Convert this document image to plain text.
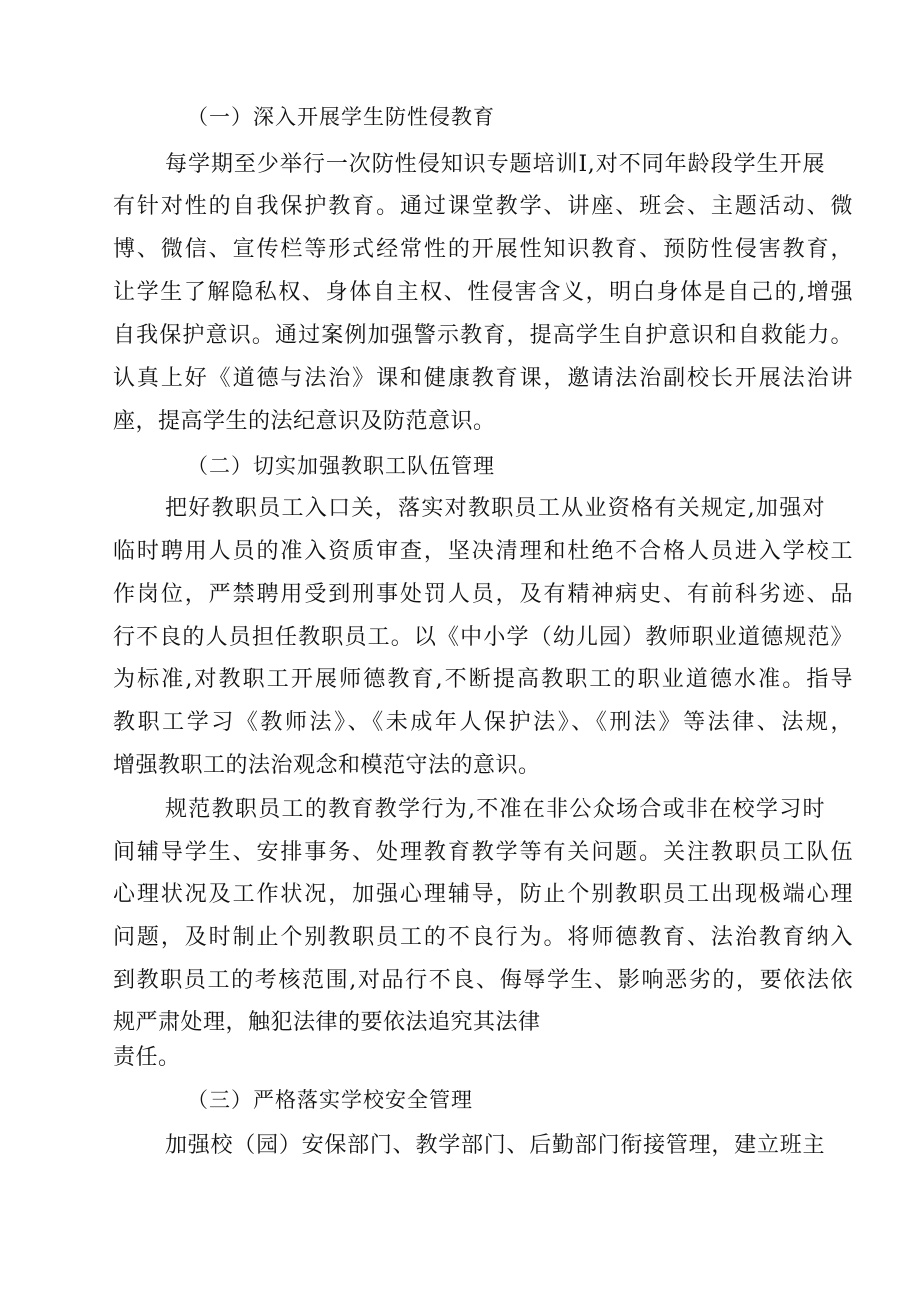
（一）深入开展学生防性侵教育
每学期至少举行一次防性侵知识专题培训I,对不同年龄段学生开展
有针对性的自我保护教育。通过课堂教学、讲座、班会、主题活动、微
博、微信、宣传栏等形式经常性的开展性知识教育、预防性侵害教育，
让学生了解隐私权、身体自主权、性侵害含义，明白身体是自己的,增强
自我保护意识。通过案例加强警示教育，提高学生自护意识和自救能力。
认真上好《道德与法治》课和健康教育课，邀请法治副校长开展法治讲
座，提高学生的法纪意识及防范意识。
（二）切实加强教职工队伍管理
把好教职员工入口关，落实对教职员工从业资格有关规定,加强对
临时聘用人员的准入资质审查，坚决清理和杜绝不合格人员进入学校工
作岗位，严禁聘用受到刑事处罚人员，及有精神病史、有前科劣迹、品
行不良的人员担任教职员工。以《中小学（幼儿园）教师职业道德规范》
为标准,对教职工开展师德教育,不断提高教职工的职业道德水准。指导
教职工学习《教师法》、《未成年人保护法》、《刑法》等法律、法规，
增强教职工的法治观念和模范守法的意识。
规范教职员工的教育教学行为,不准在非公众场合或非在校学习时
间辅导学生、安排事务、处理教育教学等有关问题。关注教职员工队伍
心理状况及工作状况，加强心理辅导，防止个别教职员工出现极端心理
问题，及时制止个别教职员工的不良行为。将师德教育、法治教育纳入
到教职员工的考核范围,对品行不良、侮辱学生、影响恶劣的，要依法依
规严肃处理，触犯法律的要依法追究其法律
责任。
（三）严格落实学校安全管理
加强校（园）安保部门、教学部门、后勤部门衔接管理，建立班主
